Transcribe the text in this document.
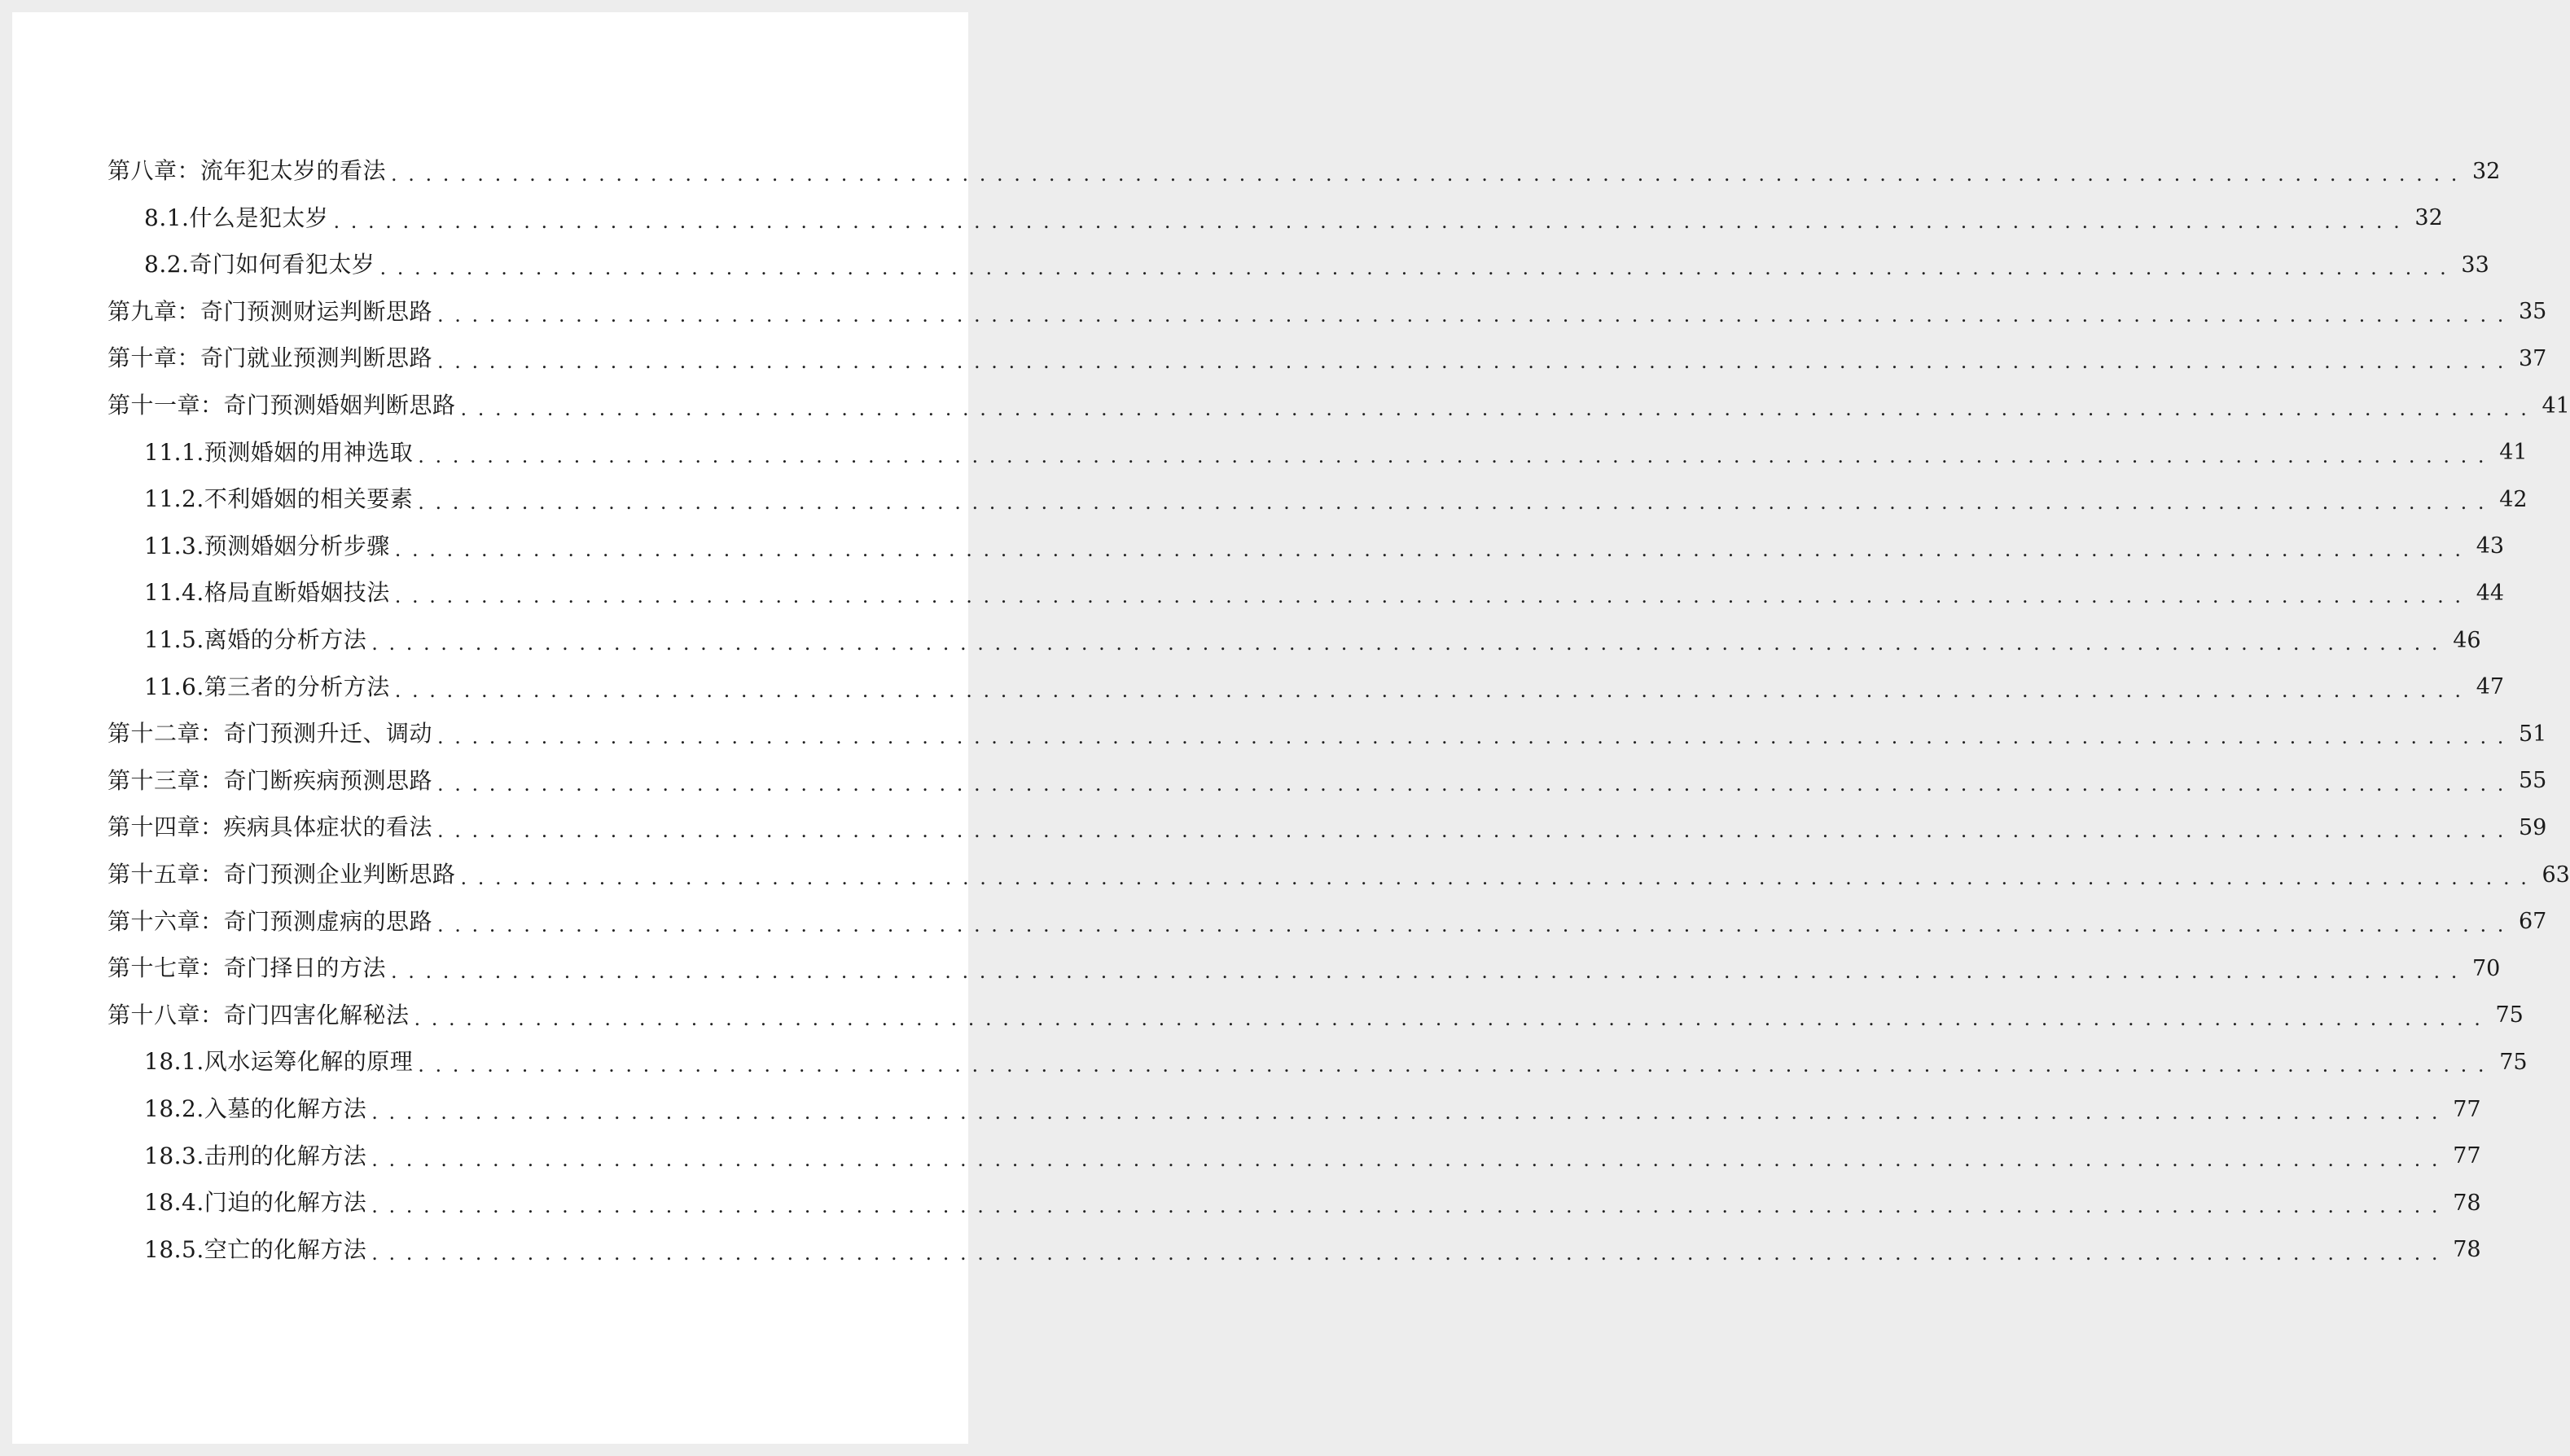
第八章：流年犯太岁的看法 . . . . . . . . . . . . . . . . . . . . . . . . . . . . . . . . . . . . . . . . . . . . . . . . . . . . . . . . . . . . . . . . . . . . . . . . . . . . . . . . . . . . . . . . . . . . . . . . . . . . . . . . . . . . . . . . . . . . . . . . 32
8.1.什么是犯太岁 . . . . . . . . . . . . . . . . . . . . . . . . . . . . . . . . . . . . . . . . . . . . . . . . . . . . . . . . . . . . . . . . . . . . . . . . . . . . . . . . . . . . . . . . . . . . . . . . . . . . . . . . . . . . . . . . . . . . . . . . 32
8.2.奇门如何看犯太岁 . . . . . . . . . . . . . . . . . . . . . . . . . . . . . . . . . . . . . . . . . . . . . . . . . . . . . . . . . . . . . . . . . . . . . . . . . . . . . . . . . . . . . . . . . . . . . . . . . . . . . . . . . . . . . . . . . . . . . . . . 33
第九章：奇门预测财运判断思路 . . . . . . . . . . . . . . . . . . . . . . . . . . . . . . . . . . . . . . . . . . . . . . . . . . . . . . . . . . . . . . . . . . . . . . . . . . . . . . . . . . . . . . . . . . . . . . . . . . . . . . . . . . . . . . . . . . . . . . . . 35
第十章：奇门就业预测判断思路 . . . . . . . . . . . . . . . . . . . . . . . . . . . . . . . . . . . . . . . . . . . . . . . . . . . . . . . . . . . . . . . . . . . . . . . . . . . . . . . . . . . . . . . . . . . . . . . . . . . . . . . . . . . . . . . . . . . . . . . . 37
第十一章：奇门预测婚姻判断思路 . . . . . . . . . . . . . . . . . . . . . . . . . . . . . . . . . . . . . . . . . . . . . . . . . . . . . . . . . . . . . . . . . . . . . . . . . . . . . . . . . . . . . . . . . . . . . . . . . . . . . . . . . . . . . . . . . . . . . . . . 41
11.1.预测婚姻的用神选取 . . . . . . . . . . . . . . . . . . . . . . . . . . . . . . . . . . . . . . . . . . . . . . . . . . . . . . . . . . . . . . . . . . . . . . . . . . . . . . . . . . . . . . . . . . . . . . . . . . . . . . . . . . . . . . . . . . . . . . . . 41
11.2.不利婚姻的相关要素 . . . . . . . . . . . . . . . . . . . . . . . . . . . . . . . . . . . . . . . . . . . . . . . . . . . . . . . . . . . . . . . . . . . . . . . . . . . . . . . . . . . . . . . . . . . . . . . . . . . . . . . . . . . . . . . . . . . . . . . . 42
11.3.预测婚姻分析步骤 . . . . . . . . . . . . . . . . . . . . . . . . . . . . . . . . . . . . . . . . . . . . . . . . . . . . . . . . . . . . . . . . . . . . . . . . . . . . . . . . . . . . . . . . . . . . . . . . . . . . . . . . . . . . . . . . . . . . . . . . 43
11.4.格局直断婚姻技法 . . . . . . . . . . . . . . . . . . . . . . . . . . . . . . . . . . . . . . . . . . . . . . . . . . . . . . . . . . . . . . . . . . . . . . . . . . . . . . . . . . . . . . . . . . . . . . . . . . . . . . . . . . . . . . . . . . . . . . . . 44
11.5.离婚的分析方法 . . . . . . . . . . . . . . . . . . . . . . . . . . . . . . . . . . . . . . . . . . . . . . . . . . . . . . . . . . . . . . . . . . . . . . . . . . . . . . . . . . . . . . . . . . . . . . . . . . . . . . . . . . . . . . . . . . . . . . . . 46
11.6.第三者的分析方法 . . . . . . . . . . . . . . . . . . . . . . . . . . . . . . . . . . . . . . . . . . . . . . . . . . . . . . . . . . . . . . . . . . . . . . . . . . . . . . . . . . . . . . . . . . . . . . . . . . . . . . . . . . . . . . . . . . . . . . . . 47
第十二章：奇门预测升迁、调动 . . . . . . . . . . . . . . . . . . . . . . . . . . . . . . . . . . . . . . . . . . . . . . . . . . . . . . . . . . . . . . . . . . . . . . . . . . . . . . . . . . . . . . . . . . . . . . . . . . . . . . . . . . . . . . . . . . . . . . . . 51
第十三章：奇门断疾病预测思路 . . . . . . . . . . . . . . . . . . . . . . . . . . . . . . . . . . . . . . . . . . . . . . . . . . . . . . . . . . . . . . . . . . . . . . . . . . . . . . . . . . . . . . . . . . . . . . . . . . . . . . . . . . . . . . . . . . . . . . . . 55
第十四章：疾病具体症状的看法 . . . . . . . . . . . . . . . . . . . . . . . . . . . . . . . . . . . . . . . . . . . . . . . . . . . . . . . . . . . . . . . . . . . . . . . . . . . . . . . . . . . . . . . . . . . . . . . . . . . . . . . . . . . . . . . . . . . . . . . . 59
第十五章：奇门预测企业判断思路 . . . . . . . . . . . . . . . . . . . . . . . . . . . . . . . . . . . . . . . . . . . . . . . . . . . . . . . . . . . . . . . . . . . . . . . . . . . . . . . . . . . . . . . . . . . . . . . . . . . . . . . . . . . . . . . . . . . . . . . . 63
第十六章：奇门预测虚病的思路 . . . . . . . . . . . . . . . . . . . . . . . . . . . . . . . . . . . . . . . . . . . . . . . . . . . . . . . . . . . . . . . . . . . . . . . . . . . . . . . . . . . . . . . . . . . . . . . . . . . . . . . . . . . . . . . . . . . . . . . . 67
第十七章：奇门择日的方法 . . . . . . . . . . . . . . . . . . . . . . . . . . . . . . . . . . . . . . . . . . . . . . . . . . . . . . . . . . . . . . . . . . . . . . . . . . . . . . . . . . . . . . . . . . . . . . . . . . . . . . . . . . . . . . . . . . . . . . . . 70
第十八章：奇门四害化解秘法 . . . . . . . . . . . . . . . . . . . . . . . . . . . . . . . . . . . . . . . . . . . . . . . . . . . . . . . . . . . . . . . . . . . . . . . . . . . . . . . . . . . . . . . . . . . . . . . . . . . . . . . . . . . . . . . . . . . . . . . . 75
18.1.风水运筹化解的原理 . . . . . . . . . . . . . . . . . . . . . . . . . . . . . . . . . . . . . . . . . . . . . . . . . . . . . . . . . . . . . . . . . . . . . . . . . . . . . . . . . . . . . . . . . . . . . . . . . . . . . . . . . . . . . . . . . . . . . . . . 75
18.2.入墓的化解方法 . . . . . . . . . . . . . . . . . . . . . . . . . . . . . . . . . . . . . . . . . . . . . . . . . . . . . . . . . . . . . . . . . . . . . . . . . . . . . . . . . . . . . . . . . . . . . . . . . . . . . . . . . . . . . . . . . . . . . . . . 77
18.3.击刑的化解方法 . . . . . . . . . . . . . . . . . . . . . . . . . . . . . . . . . . . . . . . . . . . . . . . . . . . . . . . . . . . . . . . . . . . . . . . . . . . . . . . . . . . . . . . . . . . . . . . . . . . . . . . . . . . . . . . . . . . . . . . . 77
18.4.门迫的化解方法 . . . . . . . . . . . . . . . . . . . . . . . . . . . . . . . . . . . . . . . . . . . . . . . . . . . . . . . . . . . . . . . . . . . . . . . . . . . . . . . . . . . . . . . . . . . . . . . . . . . . . . . . . . . . . . . . . . . . . . . . 78
18.5.空亡的化解方法 . . . . . . . . . . . . . . . . . . . . . . . . . . . . . . . . . . . . . . . . . . . . . . . . . . . . . . . . . . . . . . . . . . . . . . . . . . . . . . . . . . . . . . . . . . . . . . . . . . . . . . . . . . . . . . . . . . . . . . . . 78
